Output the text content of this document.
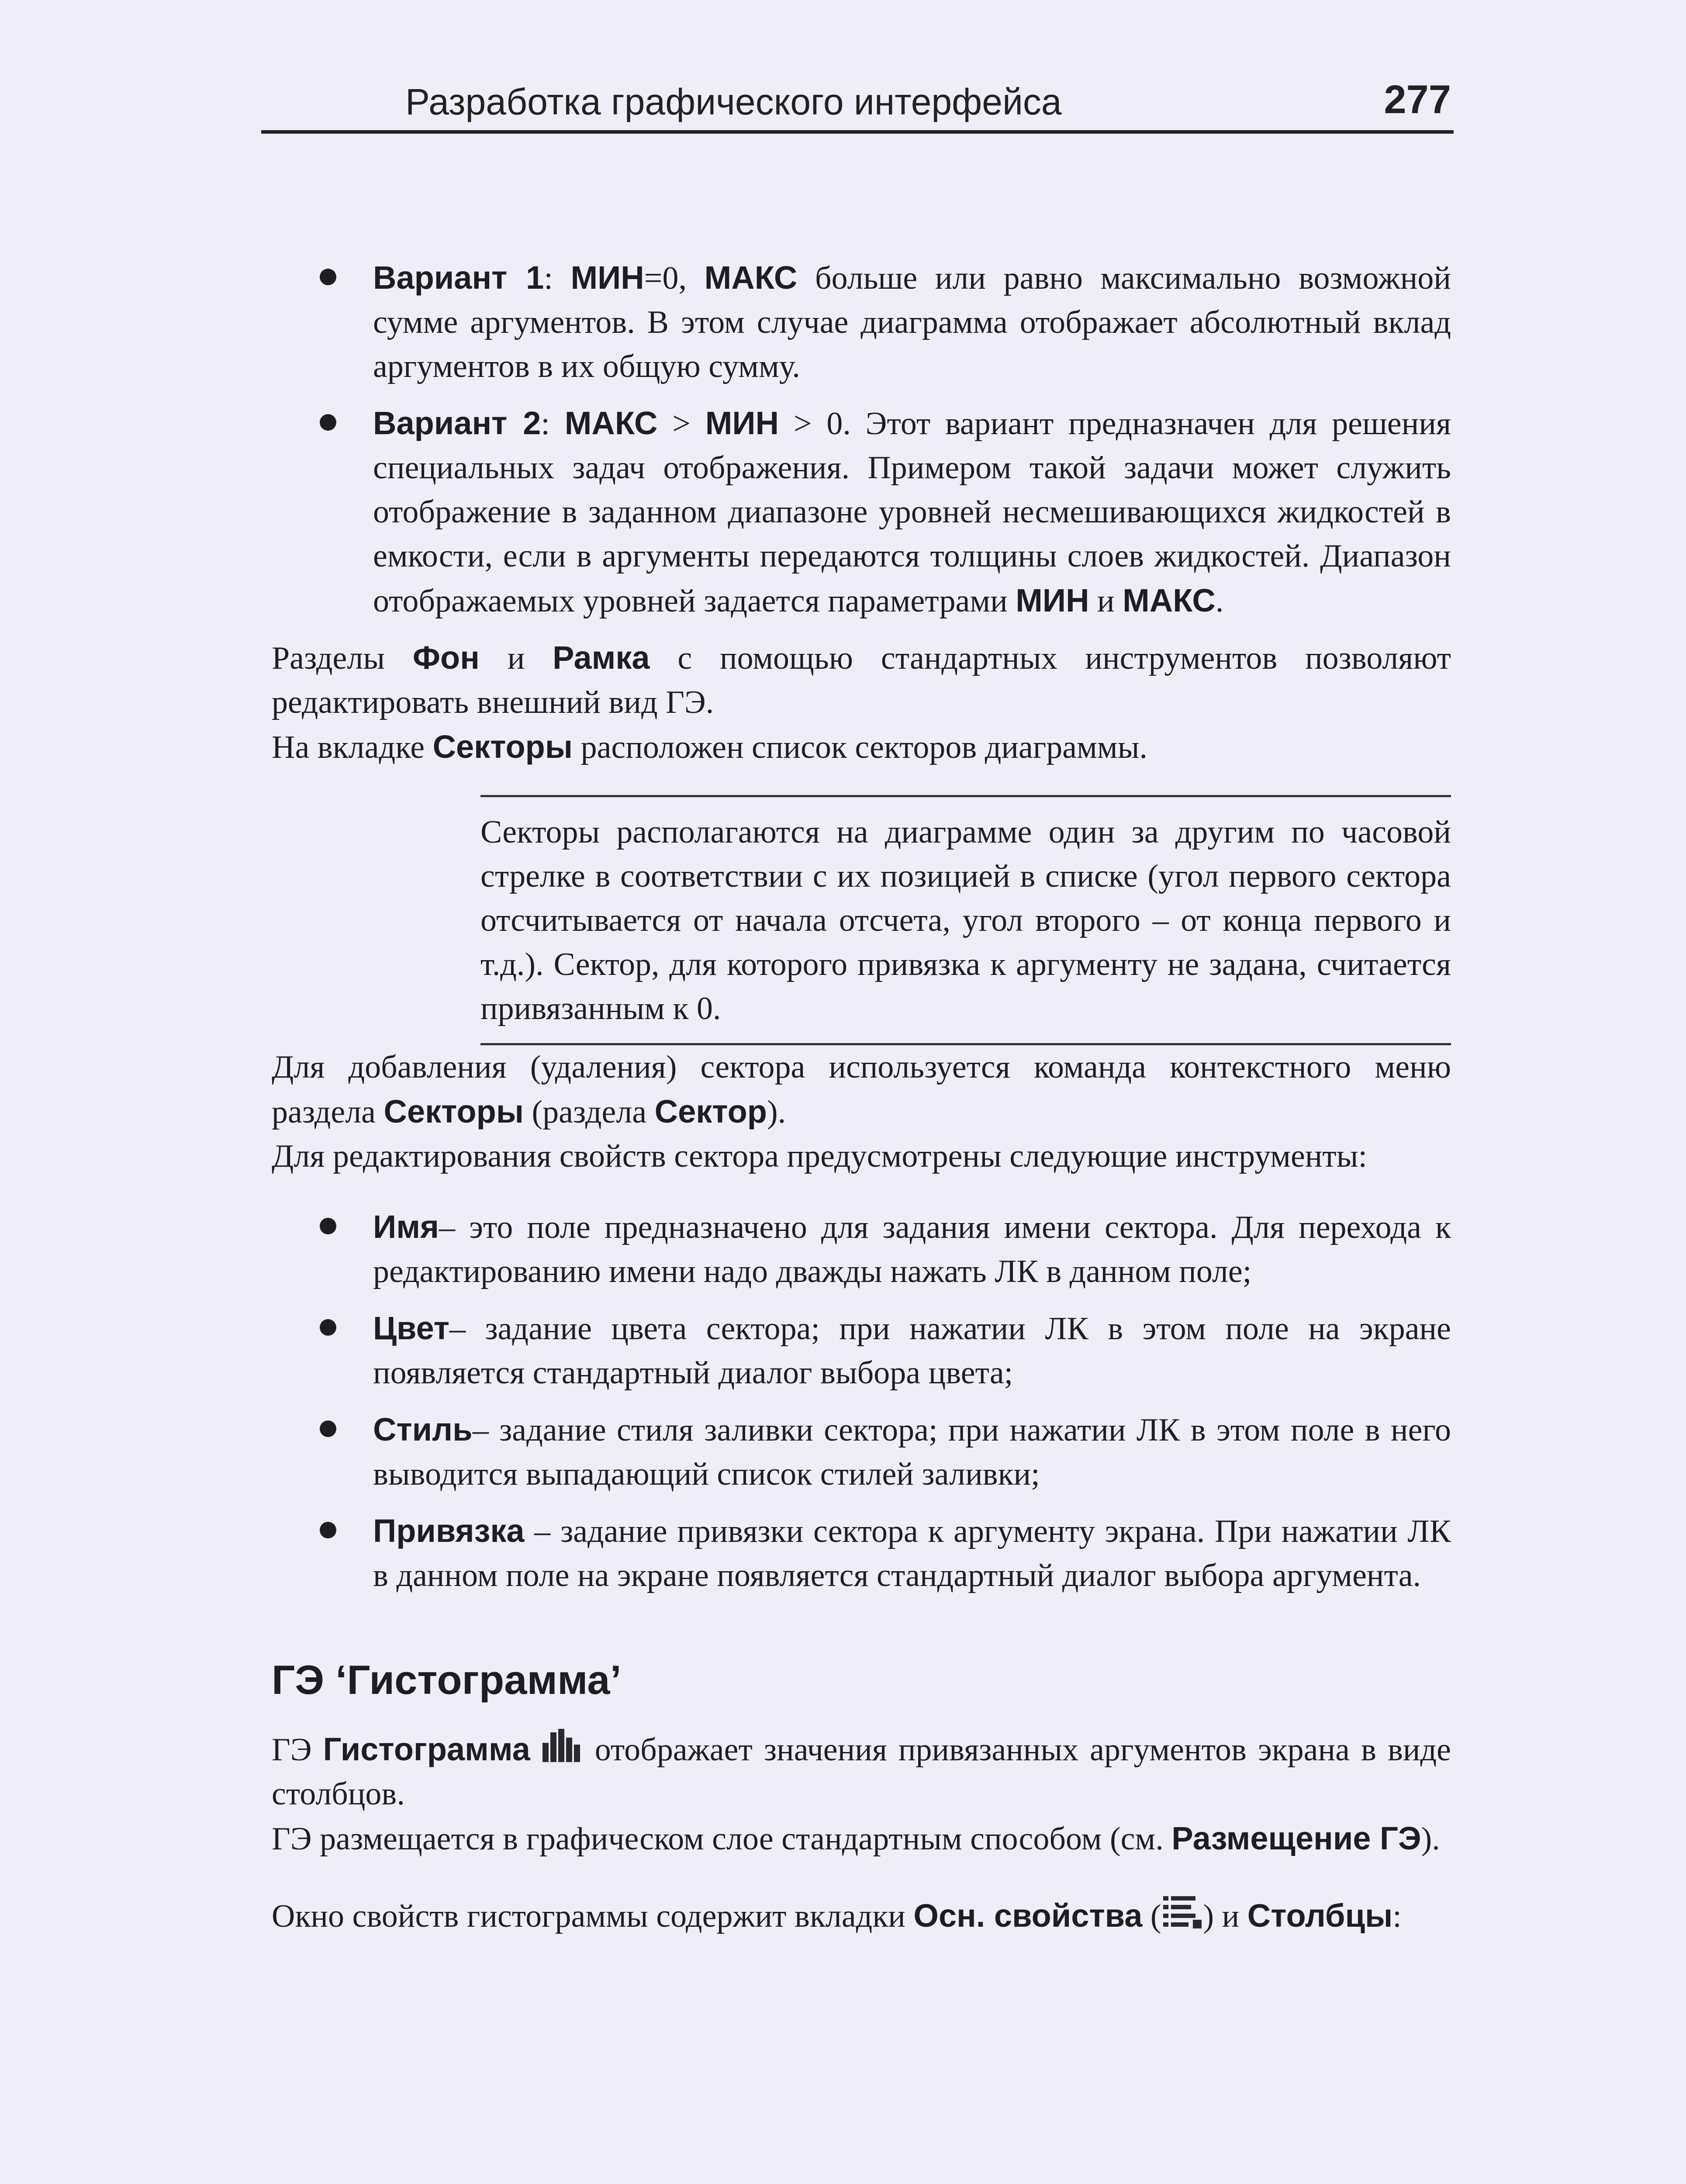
Разработка графического интерфейса	277
Вариант 1: МИН=0, МАКС больше или равно максимально возможной сумме аргументов. В этом случае диаграмма отображает абсолютный вклад аргументов в их общую сумму.
Вариант 2: МАКС > МИН > 0. Этот вариант предназначен для решения специальных задач отображения. Примером такой задачи может служить отображение в заданном диапазоне уровней несмешивающихся жидкостей в емкости, если в аргументы передаются толщины слоев жидкостей. Диапазон отображаемых уровней задается параметрами МИН и МАКС.

Разделы Фон и Рамка с помощью стандартных инструментов позволяют редактировать внешний вид ГЭ.

На вкладке Секторы расположен список секторов диаграммы.

Секторы располагаются на диаграмме один за другим по часовой стрелке в соответствии с их позицией в списке (угол первого сектора отсчитывается от начала отсчета, угол второго – от конца первого и т.д.). Сектор, для которого привязка к аргументу не задана, считается привязанным к 0.

Для добавления (удаления) сектора используется команда контекстного меню раздела Секторы (раздела Сектор).

Для редактирования свойств сектора предусмотрены следующие инструменты:

Имя– это поле предназначено для задания имени сектора. Для перехода к редактированию имени надо дважды нажать ЛК в данном поле;
Цвет– задание цвета сектора; при нажатии ЛК в этом поле на экране появляется стандартный диалог выбора цвета;
Стиль– задание стиля заливки сектора; при нажатии ЛК в этом поле в него выводится выпадающий список стилей заливки;
Привязка – задание привязки сектора к аргументу экрана. При нажатии ЛК в данном поле на экране появляется стандартный диалог выбора аргумента.
ГЭ ‘Гистограмма’

ГЭ Гистограмма
отображает значения привязанных аргументов экрана в виде столбцов.

ГЭ размещается в графическом слое стандартным способом (см. Размещение ГЭ).

Окно свойств гистограммы содержит вкладки Осн. свойства ( ) и Столбцы:
